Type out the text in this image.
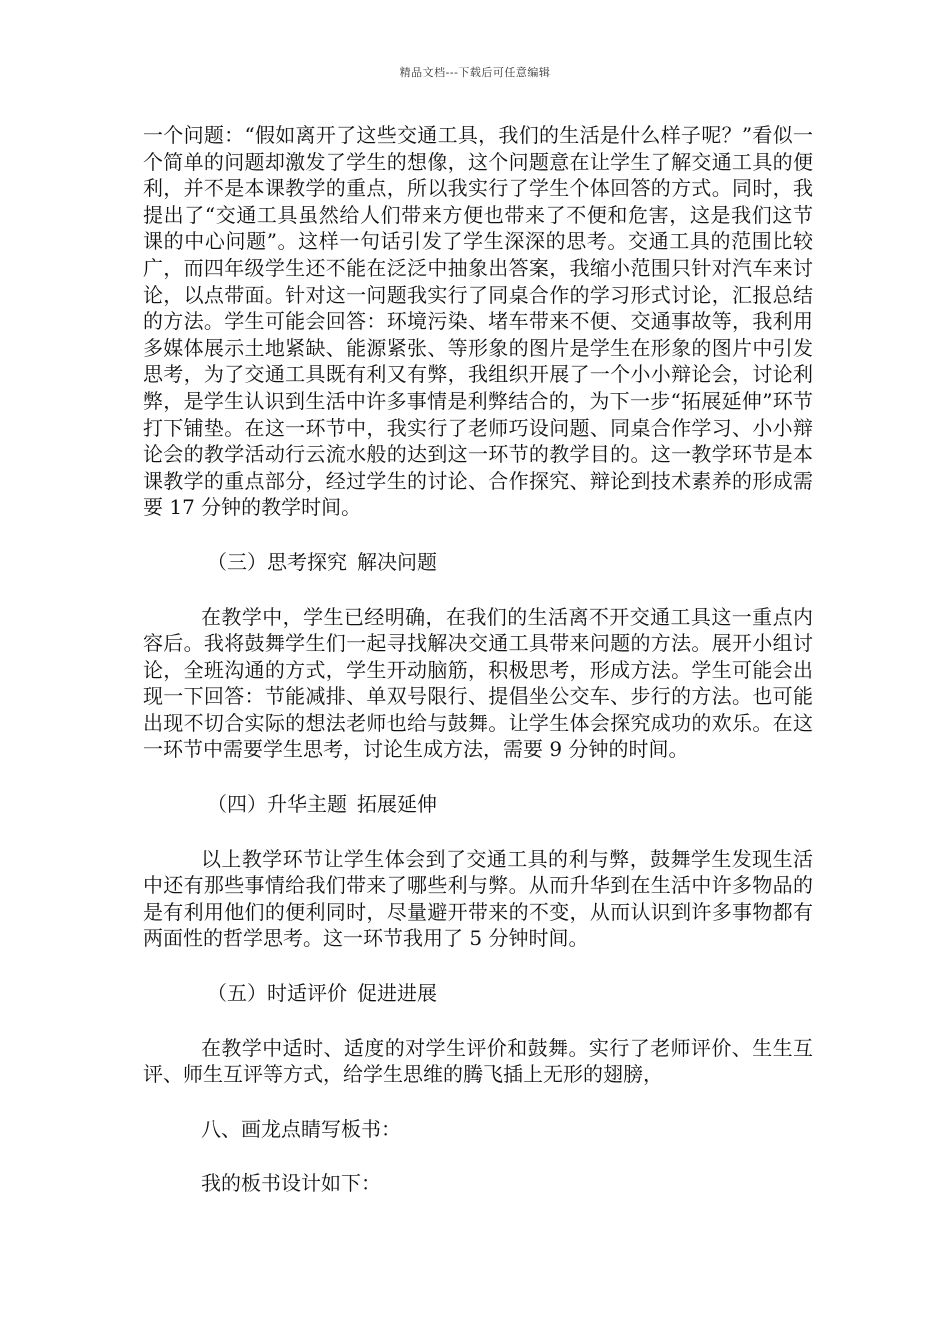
精品文档---下载后可任意编辑

一个问题：“假如离开了这些交通工具，我们的生活是什么样子呢？”看似一个简单的问题却激发了学生的想像，这个问题意在让学生了解交通工具的便利，并不是本课教学的重点，所以我实行了学生个体回答的方式。同时，我提出了“交通工具虽然给人们带来方便也带来了不便和危害，这是我们这节课的中心问题”。这样一句话引发了学生深深的思考。交通工具的范围比较广，而四年级学生还不能在泛泛中抽象出答案，我缩小范围只针对汽车来讨论，以点带面。针对这一问题我实行了同桌合作的学习形式讨论，汇报总结的方法。学生可能会回答：环境污染、堵车带来不便、交通事故等，我利用多媒体展示土地紧缺、能源紧张、等形象的图片是学生在形象的图片中引发思考，为了交通工具既有利又有弊，我组织开展了一个小小辩论会，讨论利弊，是学生认识到生活中许多事情是利弊结合的，为下一步“拓展延伸”环节打下铺垫。在这一环节中，我实行了老师巧设问题、同桌合作学习、小小辩论会的教学活动行云流水般的达到这一环节的教学目的。这一教学环节是本课教学的重点部分，经过学生的讨论、合作探究、辩论到技术素养的形成需要 17 分钟的教学时间。

（三）思考探究 解决问题

在教学中，学生已经明确，在我们的生活离不开交通工具这一重点内容后。我将鼓舞学生们一起寻找解决交通工具带来问题的方法。展开小组讨论，全班沟通的方式，学生开动脑筋，积极思考，形成方法。学生可能会出现一下回答：节能减排、单双号限行、提倡坐公交车、步行的方法。也可能出现不切合实际的想法老师也给与鼓舞。让学生体会探究成功的欢乐。在这一环节中需要学生思考，讨论生成方法，需要 9 分钟的时间。

（四）升华主题 拓展延伸

以上教学环节让学生体会到了交通工具的利与弊，鼓舞学生发现生活中还有那些事情给我们带来了哪些利与弊。从而升华到在生活中许多物品的是有利用他们的便利同时，尽量避开带来的不变，从而认识到许多事物都有两面性的哲学思考。这一环节我用了 5 分钟时间。

（五）时适评价 促进进展

在教学中适时、适度的对学生评价和鼓舞。实行了老师评价、生生互评、师生互评等方式，给学生思维的腾飞插上无形的翅膀，

八、画龙点睛写板书：

我的板书设计如下：
